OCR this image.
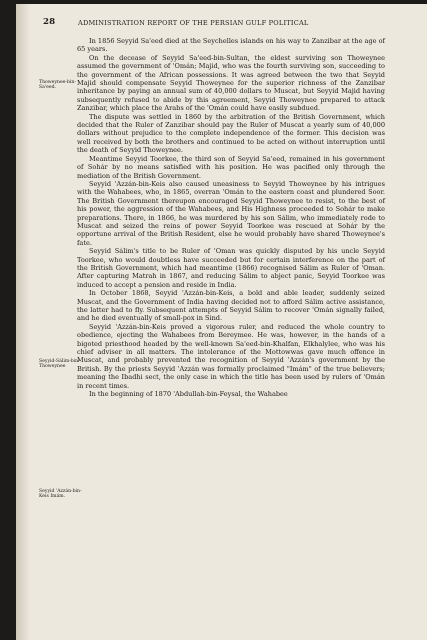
28	ADMINISTRATION REPORT OF THE PERSIAN GULF POLITICAL
Thoweynee-bin-Sa'eed.
Seyyid-Sálim-bin-Thoweynee
Seyyid 'Azzán-bin-Keis Imám.

In 1856 Seyyid Sa'eed died at the Seychelles islands on his way to Zanzibar at the age of 65 years.

On the decease of Seyyid Sa'eed-bin-Sultan, the eldest surviving son Thoweynee assumed the government of 'Omán; Majid, who was the fourth surviving son, succeeding to the government of the African possessions. It was agreed between the two that Seyyid Majid should compensate Seyyid Thoweynee for the superior richness of the Zanzibar inheritance by paying an annual sum of 40,000 dollars to Muscat, but Seyyid Majid having subsequently refused to abide by this agreement, Seyyid Thoweynee prepared to attack Zanzibar, which place the Arabs of the 'Omán could have easily subdued.

The dispute was settled in 1860 by the arbitration of the British Government, which decided that the Ruler of Zanzibar should pay the Ruler of Muscat a yearly sum of 40,000 dollars without prejudice to the complete independence of the former. This decision was well received by both the brothers and continued to be acted on without interruption until the death of Seyyid Thoweynee.

Meantime Seyyid Toorkee, the third son of Seyyid Sa'eed, remained in his government of Sohár by no means satisfied with his position. He was pacified only through the mediation of the British Government.

Seyyid 'Azzán-bin-Keis also caused uneasiness to Seyyid Thoweynee by his intrigues with the Wahabees, who, in 1865, overran 'Omán to the eastern coast and plundered Soor. The British Government thereupon encouraged Seyyid Thoweynee to resist, to the best of his power, the aggression of the Wahabees, and His Highness proceeded to Sohár to make preparations. There, in 1866, he was murdered by his son Sálim, who immediately rode to Muscat and seized the reins of power Seyyid Toorkee was rescued at Sohár by the opportune arrival of the British Resident, else he would probably have shared Thoweynee's fate.

Seyyid Sálim's title to be Ruler of 'Oman was quickly disputed by his uncle Seyyid Toorkee, who would doubtless have succeeded but for certain interference on the part of the British Government, which had meantime (1866) recognised Sálim as Ruler of 'Oman. After capturing Matrah in 1867, and reducing Sálim to abject panic, Seyyid Toorkee was induced to accept a pension and reside in India.

In October 1868, Seyyid 'Azzán-bin-Keis, a bold and able leader, suddenly seized Muscat, and the Government of India having decided not to afford Sálim active assistance, the latter had to fly. Subsequent attempts of Seyyid Sálim to recover 'Omán signally failed, and he died eventually of small-pox in Sind.

Seyyid 'Azzán-bin-Keis proved a vigorous ruler, and reduced the whole country to obedience, ejecting the Wahabees from Bereymee. He was, however, in the hands of a bigoted priesthood headed by the well-known Sa'eed-bin-Khalfan, Elkhalylee, who was his chief adviser in all matters. The intolerance of the Mottowwas gave much offence in Muscat, and probably prevented the recognition of Seyyid 'Azzán's government by the British. By the priests Seyyid 'Azzán was formally proclaimed "Imám" of the true believers; meaning the Ibadhi sect, the only case in which the title has been used by rulers of 'Omán in recent times.

In the beginning of 1870 'Abdullah-bin-Feysal, the Wahabee
